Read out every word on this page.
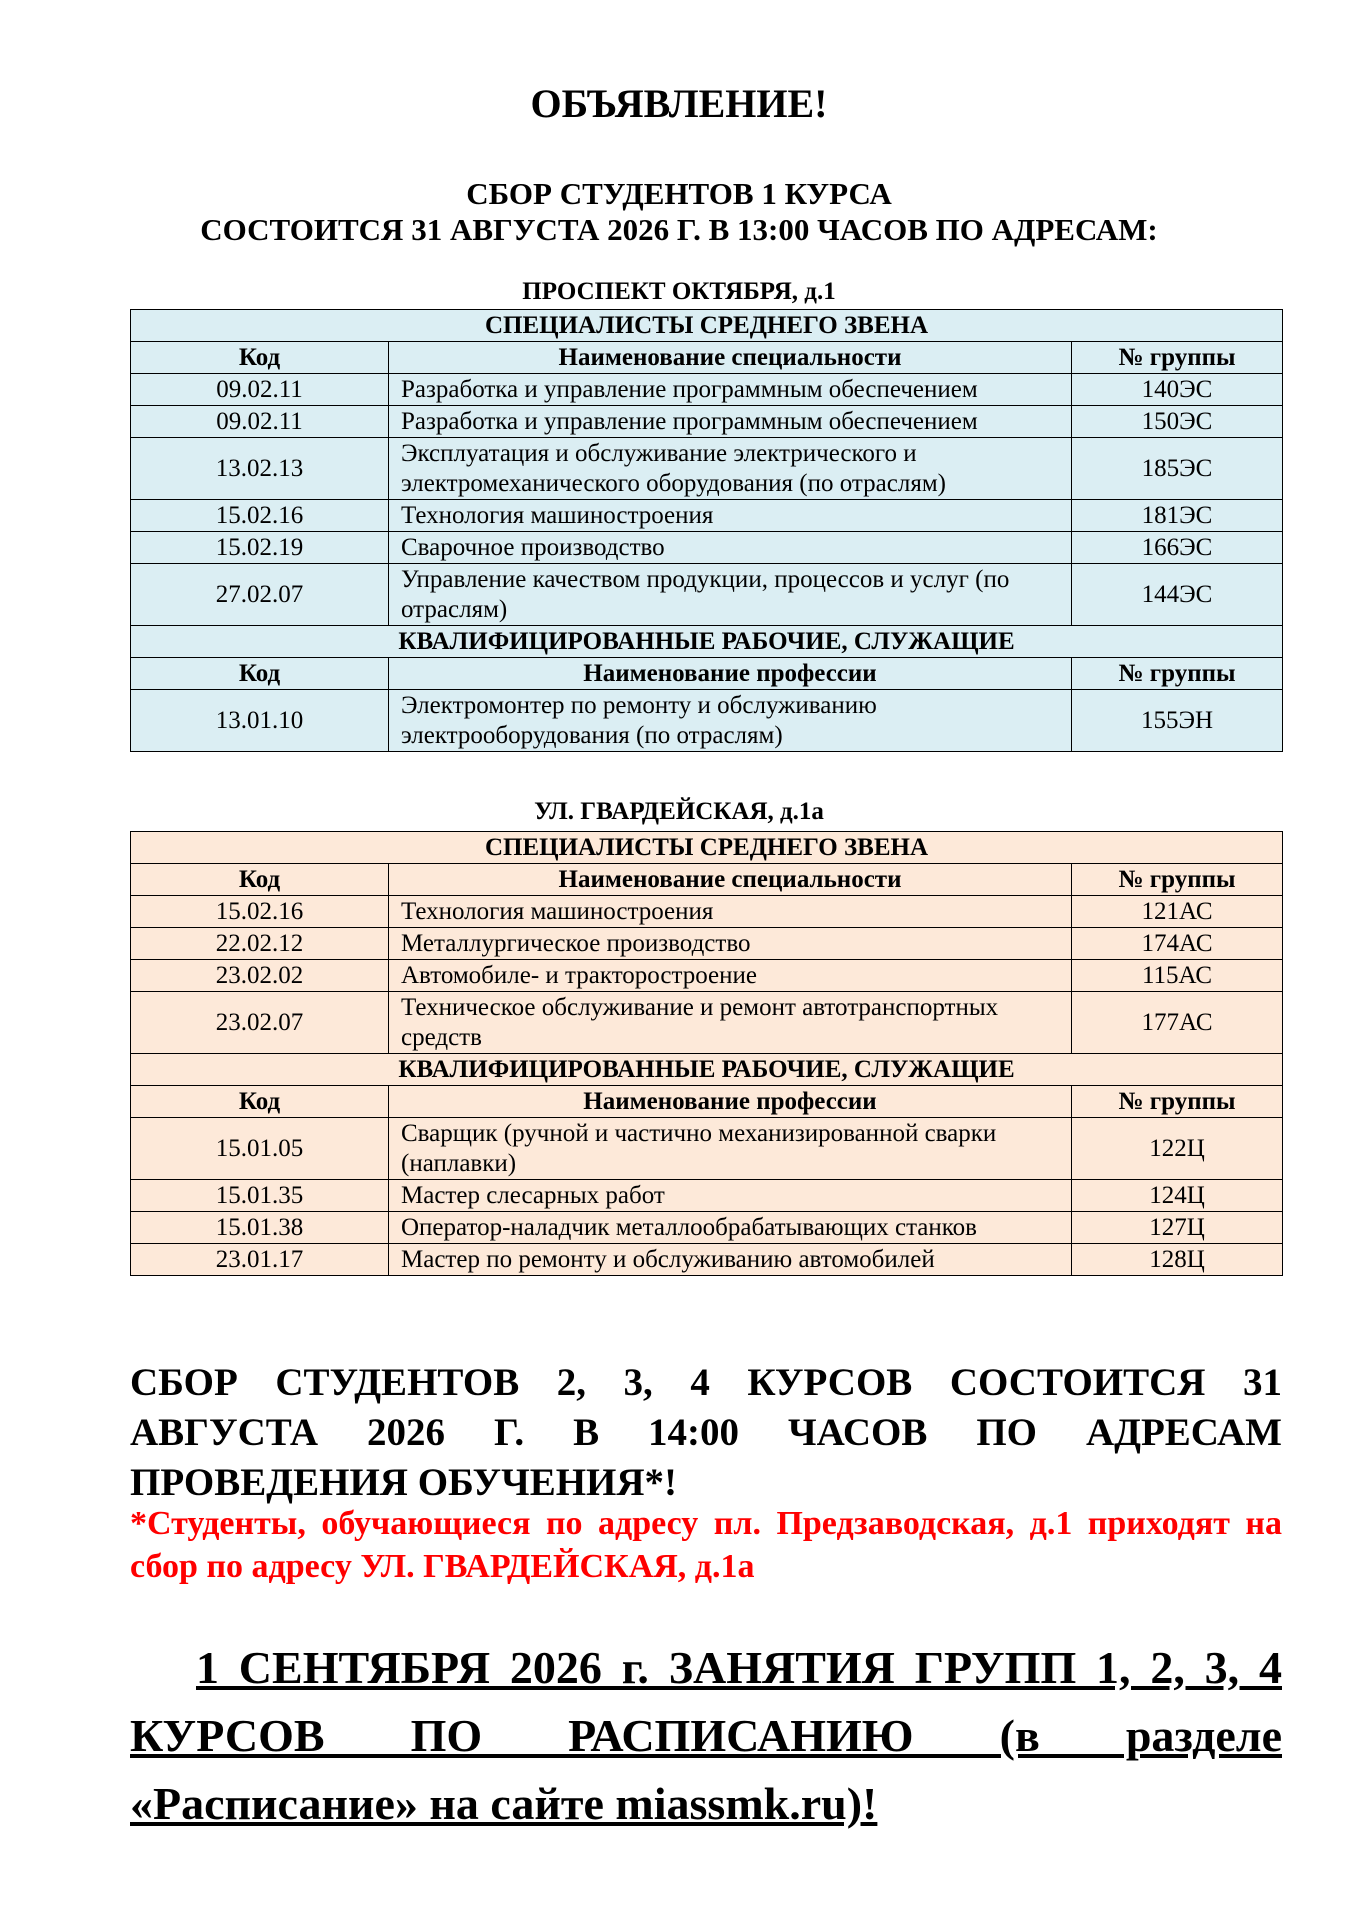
ОБЪЯВЛЕНИЕ!
СБОР СТУДЕНТОВ 1 КУРСА
СОСТОИТСЯ 31 АВГУСТА 2026 Г. В 13:00 ЧАСОВ ПО АДРЕСАМ:
ПРОСПЕКТ ОКТЯБРЯ, д.1
СПЕЦИАЛИСТЫ СРЕДНЕГО ЗВЕНА		
Код	Наименование специальности	№ группы
09.02.11	Разработка и управление программным обеспечением	140ЭС
09.02.11	Разработка и управление программным обеспечением	150ЭС
13.02.13	Эксплуатация и обслуживание электрического и электромеханического оборудования (по отраслям)	185ЭС
15.02.16	Технология машиностроения	181ЭС
15.02.19	Сварочное производство	166ЭС
27.02.07	Управление качеством продукции, процессов и услуг (по отраслям)	144ЭС
КВАЛИФИЦИРОВАННЫЕ РАБОЧИЕ, СЛУЖАЩИЕ		
Код	Наименование профессии	№ группы
13.01.10	Электромонтер по ремонту и обслуживанию электрооборудования (по отраслям)	155ЭН
УЛ. ГВАРДЕЙСКАЯ, д.1а
СПЕЦИАЛИСТЫ СРЕДНЕГО ЗВЕНА		
Код	Наименование специальности	№ группы
15.02.16	Технология машиностроения	121АС
22.02.12	Металлургическое производство	174АС
23.02.02	Автомобиле- и тракторостроение	115АС
23.02.07	Техническое обслуживание и ремонт автотранспортных средств	177АС
КВАЛИФИЦИРОВАННЫЕ РАБОЧИЕ, СЛУЖАЩИЕ		
Код	Наименование профессии	№ группы
15.01.05	Сварщик (ручной и частично механизированной сварки (наплавки)	122Ц
15.01.35	Мастер слесарных работ	124Ц
15.01.38	Оператор-наладчик металлообрабатывающих станков	127Ц
23.01.17	Мастер по ремонту и обслуживанию автомобилей	128Ц
СБОР СТУДЕНТОВ 2, 3, 4 КУРСОВ СОСТОИТСЯ 31 АВГУСТА 2026 Г. В 14:00 ЧАСОВ ПО АДРЕСАМ ПРОВЕДЕНИЯ ОБУЧЕНИЯ*!
*Студенты, обучающиеся по адресу пл. Предзаводская, д.1 приходят на сбор по адресу УЛ. ГВАРДЕЙСКАЯ, д.1а
1 СЕНТЯБРЯ 2026 г. ЗАНЯТИЯ ГРУПП 1, 2, 3, 4 КУРСОВ ПО РАСПИСАНИЮ (в разделе «Расписание» на сайте miassmk.ru)!
